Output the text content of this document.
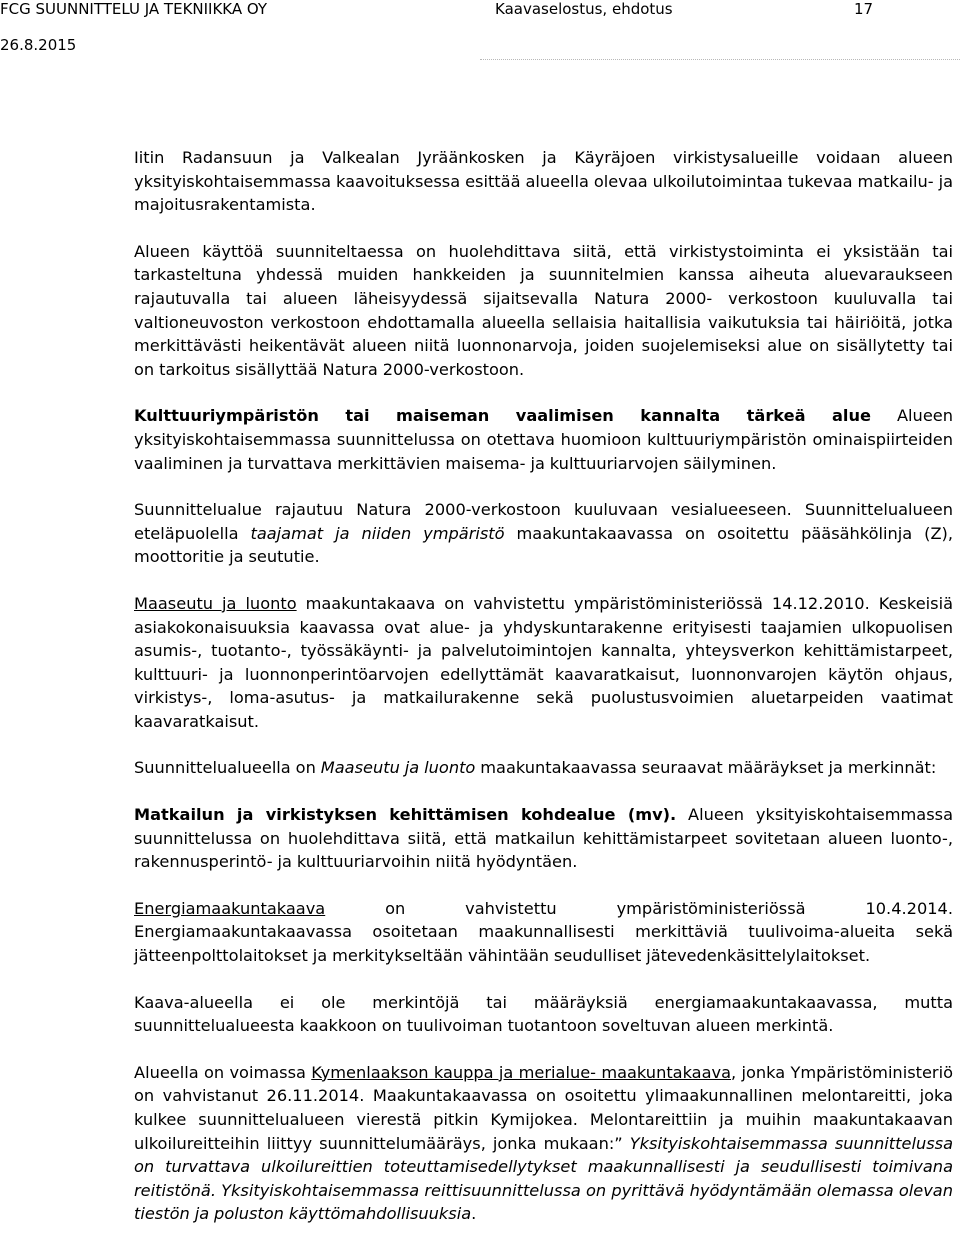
FCG SUUNNITTELU JA TEKNIIKKA OY	Kaavaselostus, ehdotus	17
26.8.2015

Iitin Radansuun ja Valkealan Jyräänkosken ja Käyräjoen virkistysalueille voidaan alueen yksityiskohtaisemmassa kaavoituksessa esittää alueella olevaa ulkoilutoimintaa tukevaa matkailu- ja majoitusrakentamista.

Alueen käyttöä suunniteltaessa on huolehdittava siitä, että virkistystoiminta ei yksistään tai tarkasteltuna yhdessä muiden hankkeiden ja suunnitelmien kanssa aiheuta aluevaraukseen rajautuvalla tai alueen läheisyydessä sijaitsevalla Natura 2000- verkostoon kuuluvalla tai valtioneuvoston verkostoon ehdottamalla alueella sellaisia haitallisia vaikutuksia tai häiriöitä, jotka merkittävästi heikentävät alueen niitä luonnonarvoja, joiden suojelemiseksi alue on sisällytetty tai on tarkoitus sisällyttää Natura 2000-verkostoon.

Kulttuuriympäristön tai maiseman vaalimisen kannalta tärkeä alue Alueen yksityiskohtaisemmassa suunnittelussa on otettava huomioon kulttuuriympäristön ominaispiirteiden vaaliminen ja turvattava merkittävien maisema- ja kulttuuriarvojen säilyminen.

Suunnittelualue rajautuu Natura 2000-verkostoon kuuluvaan vesialueeseen. Suunnittelualueen eteläpuolella taajamat ja niiden ympäristö maakuntakaavassa on osoitettu pääsähkölinja (Z), moottoritie ja seututie.

Maaseutu ja luonto maakuntakaava on vahvistettu ympäristöministeriössä 14.12.2010. Keskeisiä asiakokonaisuuksia kaavassa ovat alue- ja yhdyskuntarakenne erityisesti taajamien ulkopuolisen asumis-, tuotanto-, työssäkäynti- ja palvelutoimintojen kannalta, yhteysverkon kehittämistarpeet, kulttuuri- ja luonnonperintöarvojen edellyttämät kaavaratkaisut, luonnonvarojen käytön ohjaus, virkistys-, loma-asutus- ja matkailurakenne sekä puolustusvoimien aluetarpeiden vaatimat kaavaratkaisut.

Suunnittelualueella on Maaseutu ja luonto maakuntakaavassa seuraavat määräykset ja merkinnät:

Matkailun ja virkistyksen kehittämisen kohdealue (mv). Alueen yksityiskohtaisemmassa suunnittelussa on huolehdittava siitä, että matkailun kehittämistarpeet sovitetaan alueen luonto-, rakennusperintö- ja kulttuuriarvoihin niitä hyödyntäen.

Energiamaakuntakaava on vahvistettu ympäristöministeriössä 10.4.2014. Energiamaakuntakaavassa osoitetaan maakunnallisesti merkittäviä tuulivoima-alueita sekä jätteenpolttolaitokset ja merkitykseltään vähintään seudulliset jätevedenkäsittelylaitokset.

Kaava-alueella ei ole merkintöjä tai määräyksiä energiamaakuntakaavassa, mutta suunnittelualueesta kaakkoon on tuulivoiman tuotantoon soveltuvan alueen merkintä.

Alueella on voimassa Kymenlaakson kauppa ja merialue- maakuntakaava, jonka Ympäristöministeriö on vahvistanut 26.11.2014. Maakuntakaavassa on osoitettu ylimaakunnallinen melontareitti, joka kulkee suunnittelualueen vierestä pitkin Kymijokea. Melontareittiin ja muihin maakuntakaavan ulkoilureitteihin liittyy suunnittelumääräys, jonka mukaan:” Yksityiskohtaisemmassa suunnittelussa on turvattava ulkoilureittien toteuttamisedellytykset maakunnallisesti ja seudullisesti toimivana reitistönä. Yksityiskohtaisemmassa reittisuunnittelussa on pyrittävä hyödyntämään olemassa olevan tiestön ja poluston käyttömahdollisuuksia.
